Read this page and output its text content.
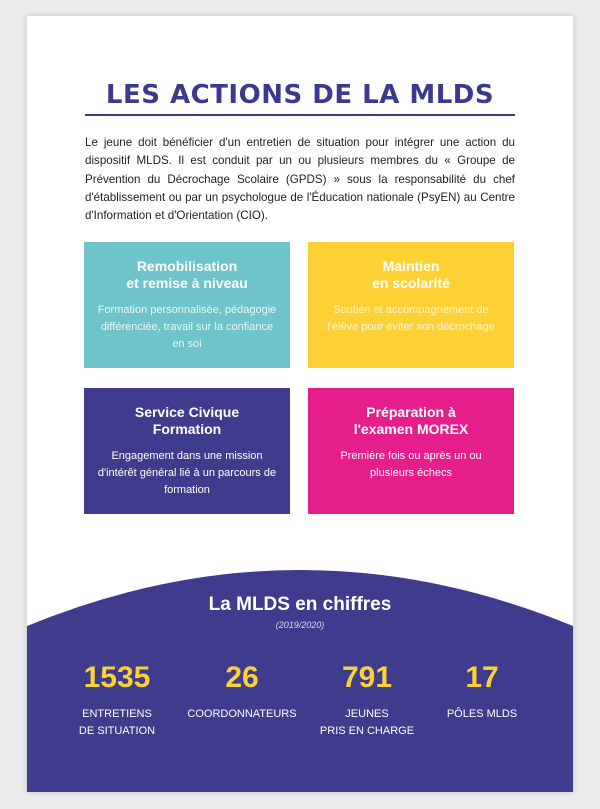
LES ACTIONS DE LA MLDS

Le jeune doit bénéficier d'un entretien de situation pour intégrer une action du dispositif MLDS. Il est conduit par un ou plusieurs membres du « Groupe de Prévention du Décrochage Scolaire (GPDS) » sous la responsabilité du chef d'établissement ou par un psychologue de l'Éducation nationale (PsyEN) au Centre d'Information et d'Orientation (CIO).

Remobilisation
et remise à niveau

Formation personnalisée, pédagogie différenciée, travail sur la confiance en soi

Maintien
en scolarité

Soutien et accompagnement de l'élève pour éviter son décrochage

Service Civique
Formation

Engagement dans une mission d'intérêt général lié à un parcours de formation

Préparation à
l'examen MOREX

Première fois ou après un ou plusieurs échecs

La MLDS en chiffres
(2019/2020)
1535
ENTRETIENS
DE SITUATION
26
COORDONNATEURS
791
JEUNES
PRIS EN CHARGE
17
PÔLES MLDS
